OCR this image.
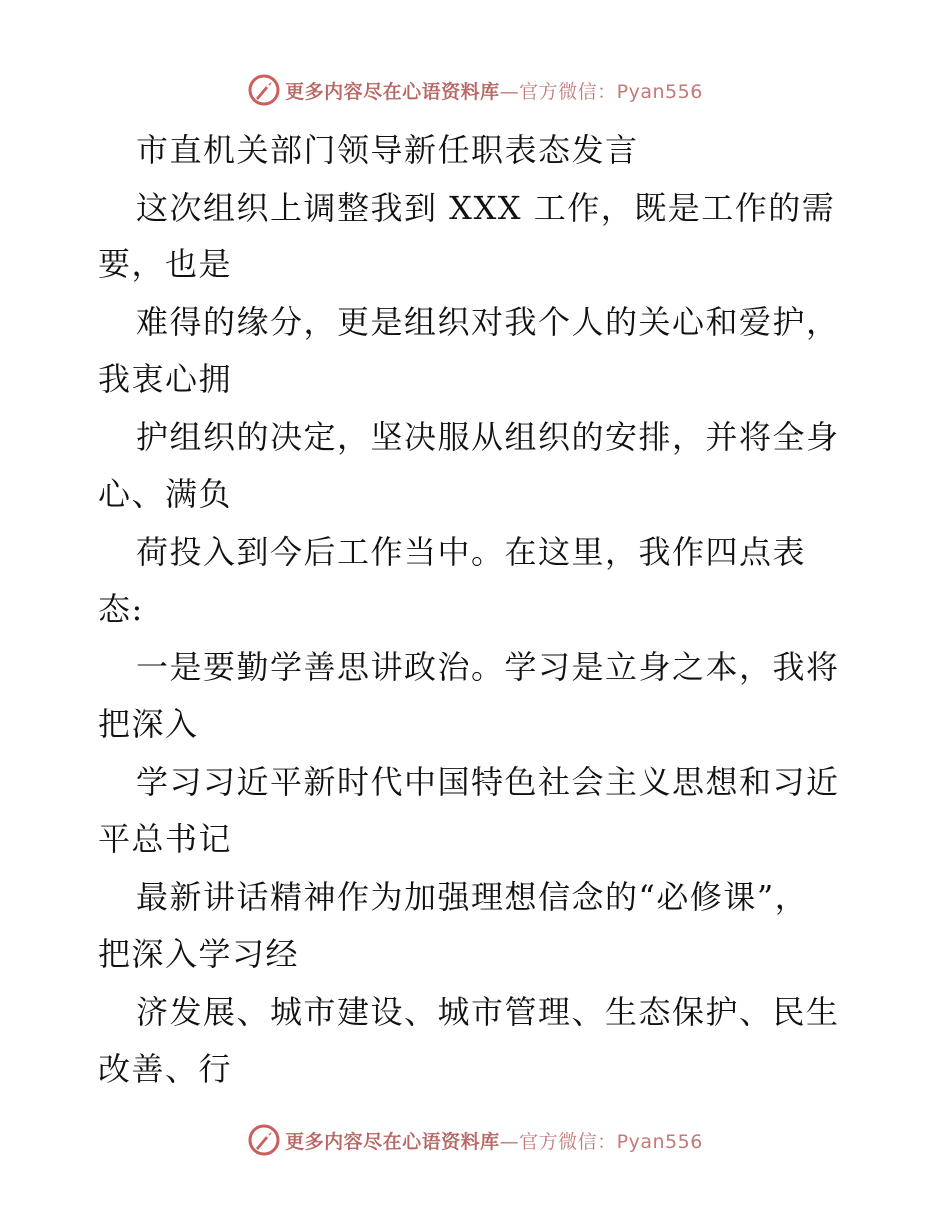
更多内容尽在心语资料库—官方微信：Pyan556
市直机关部门领导新任职表态发言
这次组织上调整我到 XXX 工作，既是工作的需
要，也是
难得的缘分，更是组织对我个人的关心和爱护，
我衷心拥
护组织的决定，坚决服从组织的安排，并将全身
心、满负
荷投入到今后工作当中。在这里，我作四点表
态:
一是要勤学善思讲政治。学习是立身之本，我将
把深入
学习习近平新时代中国特色社会主义思想和习近
平总书记
最新讲话精神作为加强理想信念的“必修课”，
把深入学习经
济发展、城市建设、城市管理、生态保护、民生
改善、行
更多内容尽在心语资料库—官方微信：Pyan556
